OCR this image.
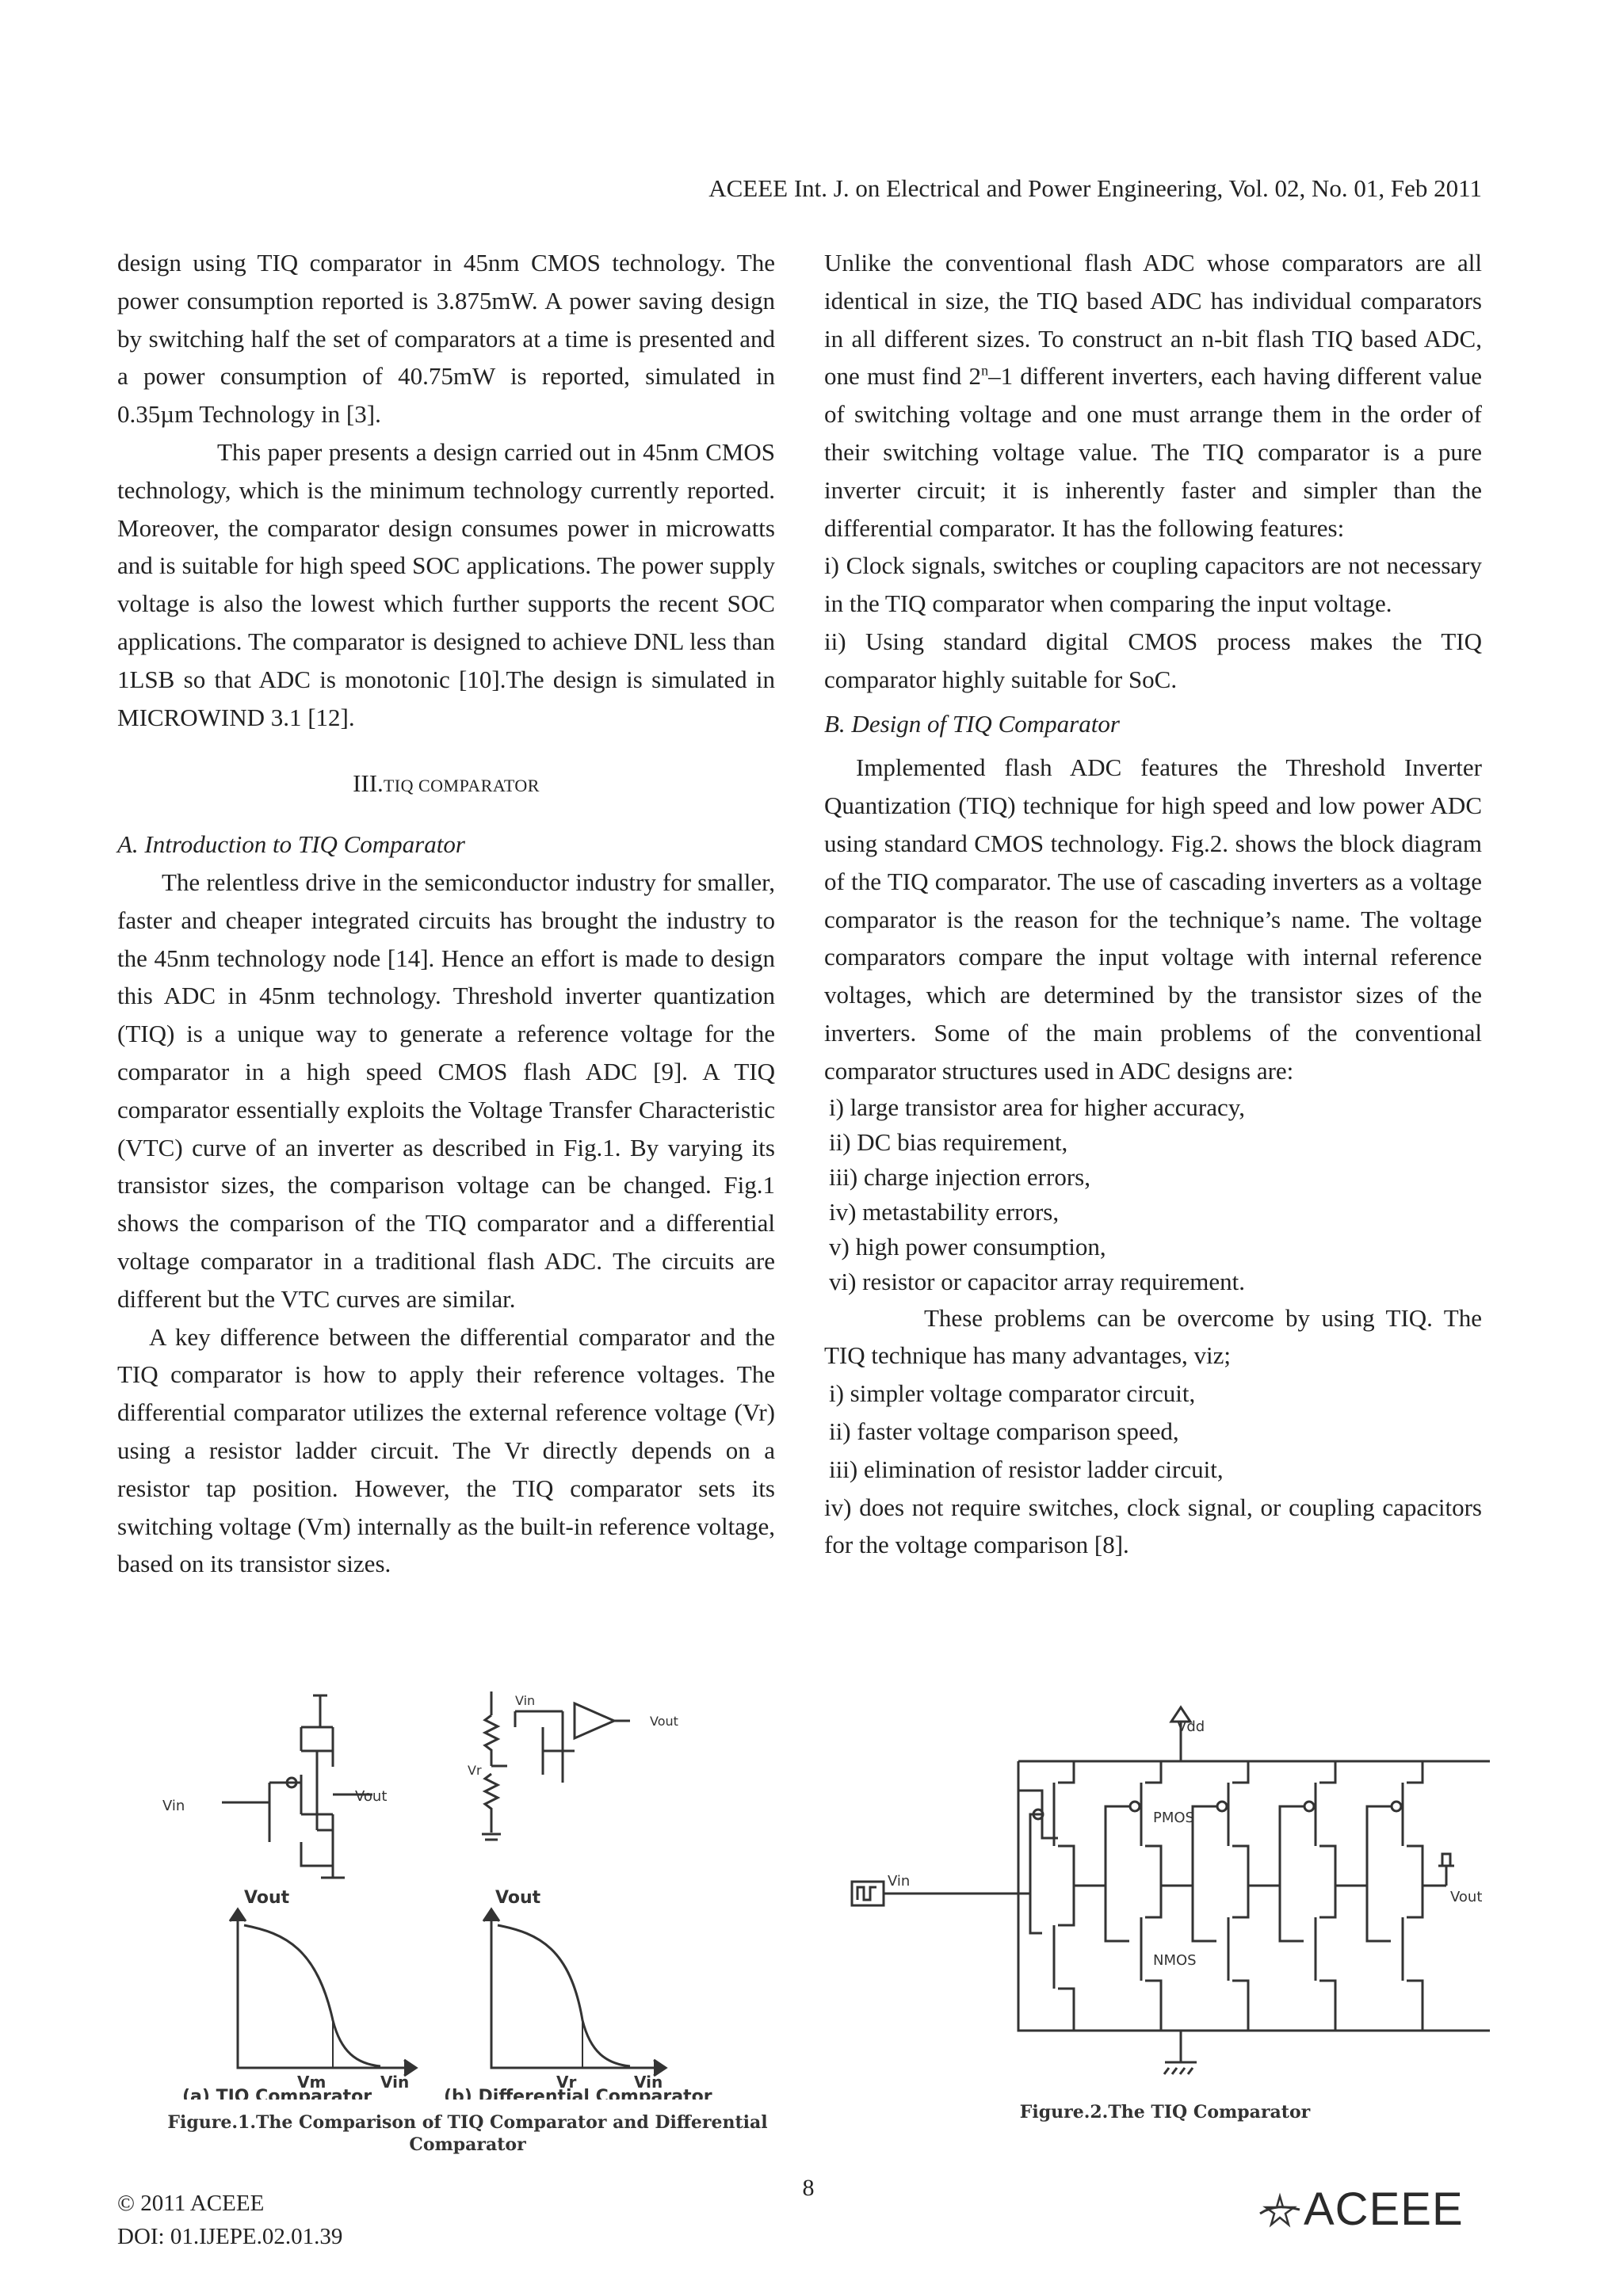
ACEEE Int. J. on Electrical and Power Engineering, Vol. 02, No. 01, Feb 2011

design using TIQ comparator in 45nm CMOS technology. The power consumption reported is 3.875mW. A power saving design by switching half the set of comparators at a time is presented and a power consumption of 40.75mW is reported, simulated in 0.35µm Technology in [3].

This paper presents a design carried out in 45nm CMOS technology, which is the minimum technology currently reported. Moreover, the comparator design consumes power in microwatts and is suitable for high speed SOC applications. The power supply voltage is also the lowest which further supports the recent SOC applications. The comparator is designed to achieve DNL less than 1LSB so that ADC is monotonic [10].The design is simulated in MICROWIND 3.1 [12].

III.TIQ COMPARATOR

A. Introduction to TIQ Comparator

The relentless drive in the semiconductor industry for smaller, faster and cheaper integrated circuits has brought the industry to the 45nm technology node [14]. Hence an effort is made to design this ADC in 45nm technology. Threshold inverter quantization (TIQ) is a unique way to generate a reference voltage for the comparator in a high speed CMOS flash ADC [9]. A TIQ comparator essentially exploits the Voltage Transfer Characteristic (VTC) curve of an inverter as described in Fig.1. By varying its transistor sizes, the comparison voltage can be changed. Fig.1 shows the comparison of the TIQ comparator and a differential voltage comparator in a traditional flash ADC. The circuits are different but the VTC curves are similar.

A key difference between the differential comparator and the TIQ comparator is how to apply their reference voltages. The differential comparator utilizes the external reference voltage (Vr) using a resistor ladder circuit. The Vr directly depends on a resistor tap position. However, the TIQ comparator sets its switching voltage (Vm) internally as the built-in reference voltage, based on its transistor sizes.

Unlike the conventional flash ADC whose comparators are all identical in size, the TIQ based ADC has individual comparators in all different sizes. To construct an n-bit flash TIQ based ADC, one must find 2$^n$–1 different inverters, each having different value of switching voltage and one must arrange them in the order of their switching voltage value. The TIQ comparator is a pure inverter circuit; it is inherently faster and simpler than the differential comparator. It has the following features:

i) Clock signals, switches or coupling capacitors are not necessary in the TIQ comparator when comparing the input voltage.

ii) Using standard digital CMOS process makes the TIQ comparator highly suitable for SoC.

B. Design of TIQ Comparator

Implemented flash ADC features the Threshold Inverter Quantization (TIQ) technique for high speed and low power ADC using standard CMOS technology. Fig.2. shows the block diagram of the TIQ comparator. The use of cascading inverters as a voltage comparator is the reason for the technique’s name. The voltage comparators compare the input voltage with internal reference voltages, which are determined by the transistor sizes of the inverters. Some of the main problems of the conventional comparator structures used in ADC designs are:

i) large transistor area for higher accuracy,

ii) DC bias requirement,

iii) charge injection errors,

iv) metastability errors,

v) high power consumption,

vi) resistor or capacitor array requirement.

These problems can be overcome by using TIQ. The TIQ technique has many advantages, viz;

i) simpler voltage comparator circuit,

ii) faster voltage comparison speed,

iii) elimination of resistor ladder circuit,

iv) does not require switches, clock signal, or coupling capacitors for the voltage comparison [8].

Vin
Vout
Vin
Vout
Vr
Vout
Vm	Vin
Vout
Vr	Vin
(a) TIQ Comparator	(b) Differential Comparator
Figure.1.The Comparison of TIQ Comparator and Differential Comparator
Vdd
Vin
PMOS
NMOS
Vout
Figure.2.The TIQ Comparator
© 2011 ACEEE
DOI: 01.IJEPE.02.01.39
8	ACEEE
